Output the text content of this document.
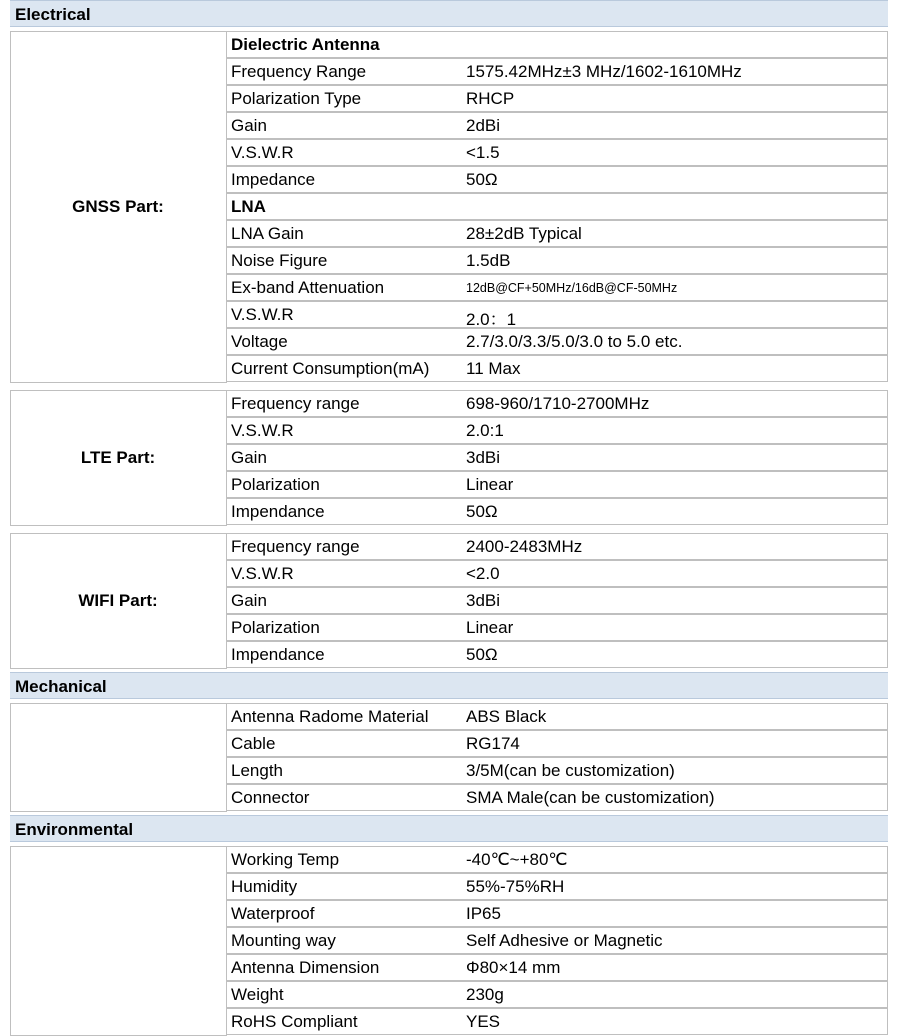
Electrical
GNSS Part:
Dielectric Antenna
Frequency Range	1575.42MHz±3 MHz/1602-1610MHz
Polarization Type	RHCP
Gain	2dBi
V.S.W.R	<1.5
Impedance	50Ω
LNA
LNA Gain	28±2dB Typical
Noise Figure	1.5dB
Ex-band Attenuation	12dB@CF+50MHz/16dB@CF-50MHz
V.S.W.R	2.0：1
Voltage	2.7/3.0/3.3/5.0/3.0 to 5.0 etc.
Current Consumption(mA) 11 Max
LTE Part:
Frequency range	698-960/1710-2700MHz
V.S.W.R	2.0:1
Gain	3dBi
Polarization	Linear
Impendance	50Ω
WIFI Part:
Frequency range	2400-2483MHz
V.S.W.R	<2.0
Gain	3dBi
Polarization	Linear
Impendance	50Ω
Mechanical
Antenna Radome Material ABS Black
Cable	RG174
Length	3/5M(can be customization)
Connector	SMA Male(can be customization)
Environmental
Working Temp	-40℃~+80℃
Humidity	55%-75%RH
Waterproof	IP65
Mounting way	Self Adhesive or Magnetic
Antenna Dimension	Φ80×14 mm
Weight	230g
RoHS Compliant	YES
